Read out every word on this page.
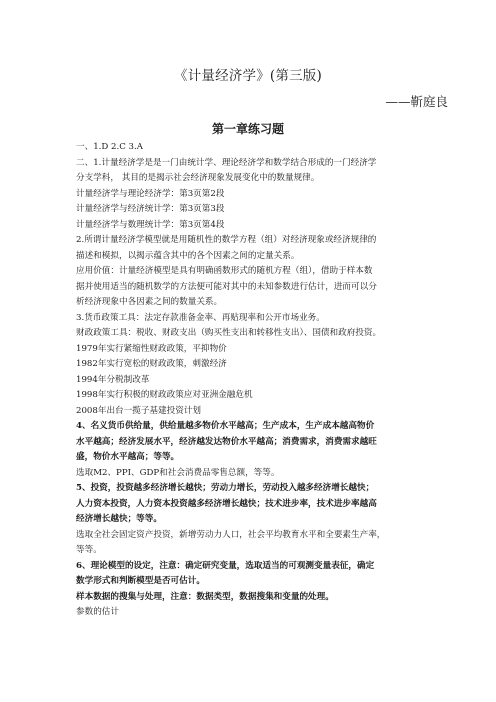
《计量经济学》(第三版)
——靳庭良
第一章练习题
一、1.D 2.C 3.A
二、1.计量经济学是是一门由统计学、理论经济学和数学结合形成的一门经济学
分支学科， 其目的是揭示社会经济现象发展变化中的数量规律。
计量经济学与理论经济学：第3页第2段
计量经济学与经济统计学：第3页第3段
计量经济学与数理统计学：第3页第4段
2.所谓计量经济学模型就是用随机性的数学方程（组）对经济现象或经济规律的
描述和模拟，以揭示蕴含其中的各个因素之间的定量关系。
应用价值：计量经济模型是具有明确函数形式的随机方程（组），借助于样本数
据并使用适当的随机数学的方法便可能对其中的未知参数进行估计，进而可以分
析经济现象中各因素之间的数量关系。
3.货币政策工具：法定存款准备金率、再贴现率和公开市场业务。
财政政策工具：税收、财政支出（购买性支出和转移性支出）、国债和政府投资。
1979年实行紧缩性财政政策，平抑物价
1982年实行宽松的财政政策，刺激经济
1994年分税制改革
1998年实行积极的财政政策应对亚洲金融危机
2008年出台一揽子基建投资计划
4、名义货币供给量，供给量越多物价水平越高；生产成本，生产成本越高物价
水平越高；经济发展水平，经济越发达物价水平越高；消费需求，消费需求越旺
盛，物价水平越高；等等。
选取M2、PPI、GDP和社会消费品零售总额，等等。
5、投资，投资越多经济增长越快；劳动力增长，劳动投入越多经济增长越快；
人力资本投资，人力资本投资越多经济增长越快；技术进步率，技术进步率越高
经济增长越快；等等。
选取全社会固定资产投资，新增劳动力人口，社会平均教育水平和全要素生产率，
等等。
6、理论模型的设定，注意：确定研究变量，选取适当的可观测变量表征，确定
数学形式和判断模型是否可估计。
样本数据的搜集与处理，注意：数据类型，数据搜集和变量的处理。
参数的估计
